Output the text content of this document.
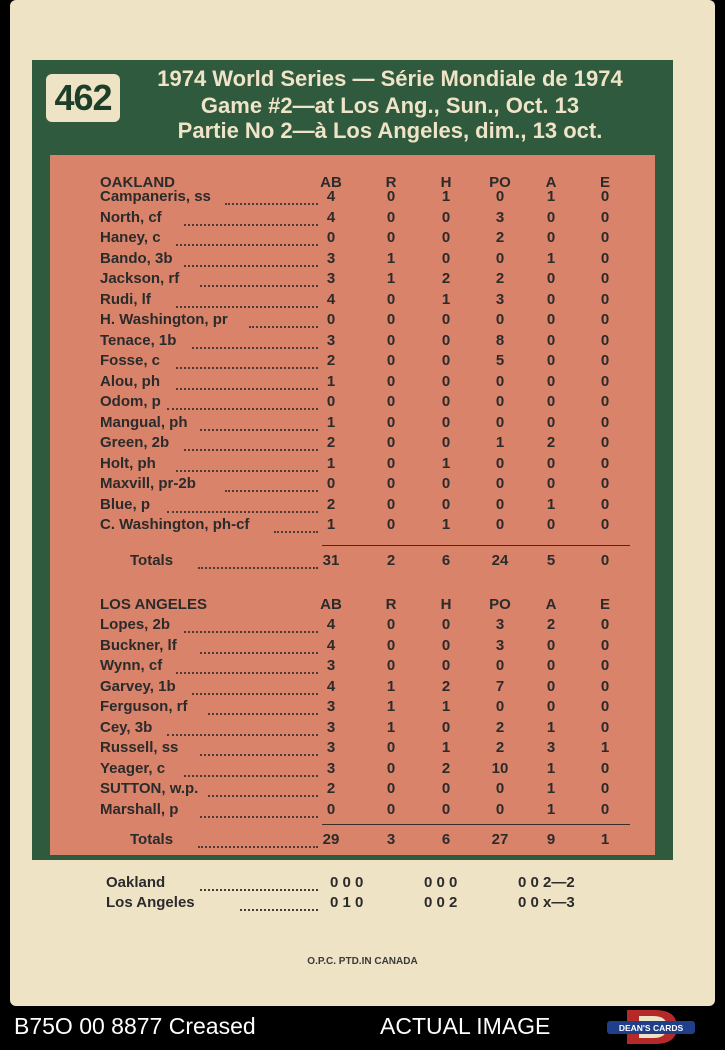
462	1974 World Series — Série Mondiale de 1974
Game #2—at Los Ang., Sun., Oct. 13
Partie No 2—à Los Angeles, dim., 13 oct.
OAKLAND	AB	R	H	PO	A	E
Campaneris, ss	4	0	1	0	1	0
North, cf	4	0	0	3	0	0
Haney, c	0	0	0	2	0	0
Bando, 3b	3	1	0	0	1	0
Jackson, rf	3	1	2	2	0	0
Rudi, lf	4	0	1	3	0	0
H. Washington, pr	0	0	0	0	0	0
Tenace, 1b	3	0	0	8	0	0
Fosse, c	2	0	0	5	0	0
Alou, ph	1	0	0	0	0	0
Odom, p	0	0	0	0	0	0
Mangual, ph	1	0	0	0	0	0
Green, 2b	2	0	0	1	2	0
Holt, ph	1	0	1	0	0	0
Maxvill, pr-2b	0	0	0	0	0	0
Blue, p	2	0	0	0	1	0
C. Washington, ph-cf	1	0	1	0	0	0
Totals	31	2	6	24	5	0
LOS ANGELES	AB	R	H	PO	A	E
Lopes, 2b	4	0	0	3	2	0
Buckner, lf	4	0	0	3	0	0
Wynn, cf	3	0	0	0	0	0
Garvey, 1b	4	1	2	7	0	0
Ferguson, rf	3	1	1	0	0	0
Cey, 3b	3	1	0	2	1	0
Russell, ss	3	0	1	2	3	1
Yeager, c	3	0	2	10	1	0
SUTTON, w.p.	2	0	0	0	1	0
Marshall, p	0	0	0	0	1	0
Totals	29	3	6	27	9	1
Oakland	0 0 0	0 0 0	0 0 2—2
Los Angeles	0 1 0	0 0 2	0 0 x—3
O.P.C. PTD.IN CANADA
B75O 00 8877 Creased	ACTUAL IMAGE	DEAN'S CARDS
